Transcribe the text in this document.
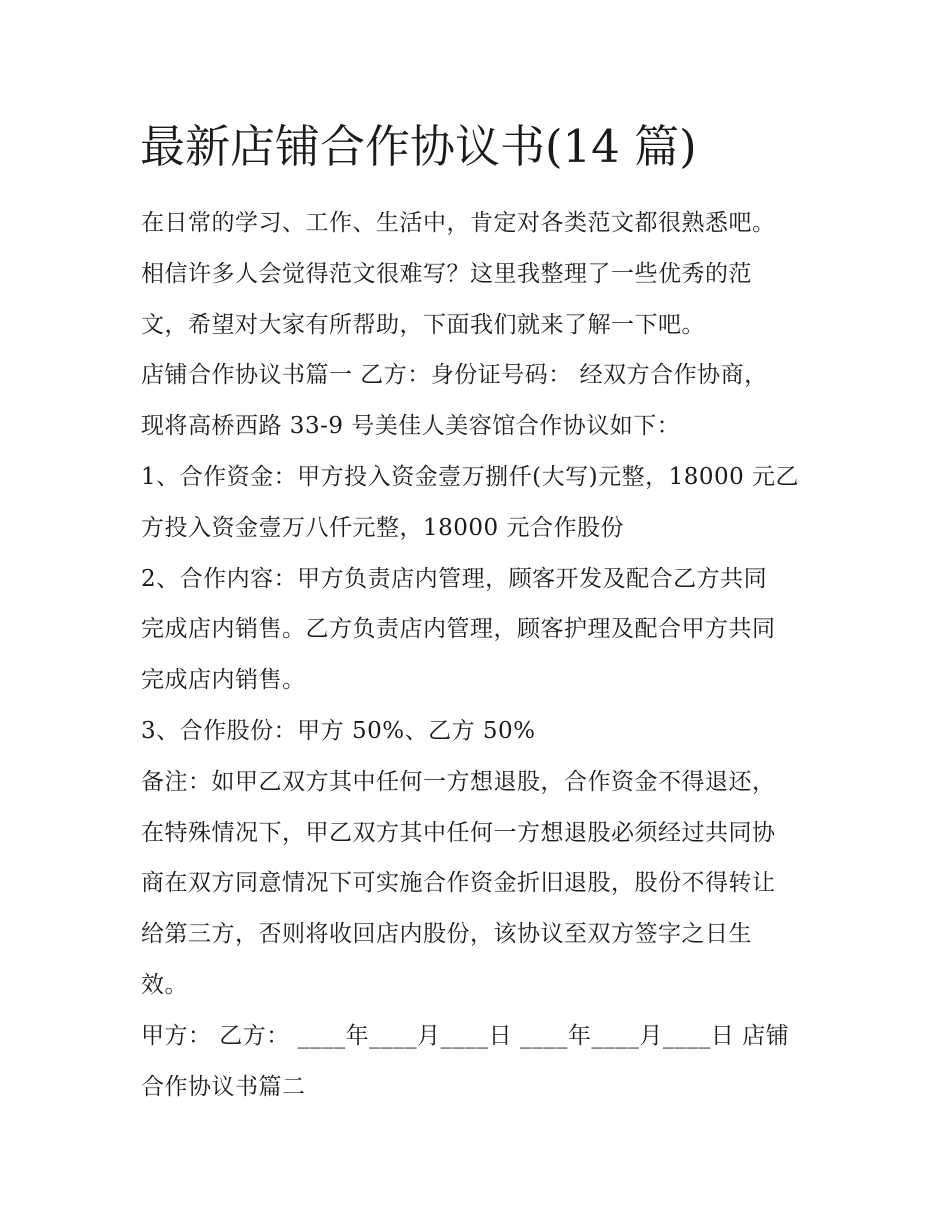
最新店铺合作协议书(14 篇)
在日常的学习、工作、生活中，肯定对各类范文都很熟悉吧。
相信许多人会觉得范文很难写？这里我整理了一些优秀的范
文，希望对大家有所帮助，下面我们就来了解一下吧。
店铺合作协议书篇一 乙方：身份证号码： 经双方合作协商，
现将高桥西路 33-9 号美佳人美容馆合作协议如下：
1、合作资金：甲方投入资金壹万捌仟(大写)元整，18000 元乙
方投入资金壹万八仟元整，18000 元合作股份
2、合作内容：甲方负责店内管理，顾客开发及配合乙方共同
完成店内销售。乙方负责店内管理，顾客护理及配合甲方共同
完成店内销售。
3、合作股份：甲方 50%、乙方 50%
备注：如甲乙双方其中任何一方想退股，合作资金不得退还，
在特殊情况下，甲乙双方其中任何一方想退股必须经过共同协
商在双方同意情况下可实施合作资金折旧退股，股份不得转让
给第三方，否则将收回店内股份，该协议至双方签字之日生
效。
甲方： 乙方： ____年____月____日 ____年____月____日 店铺
合作协议书篇二
